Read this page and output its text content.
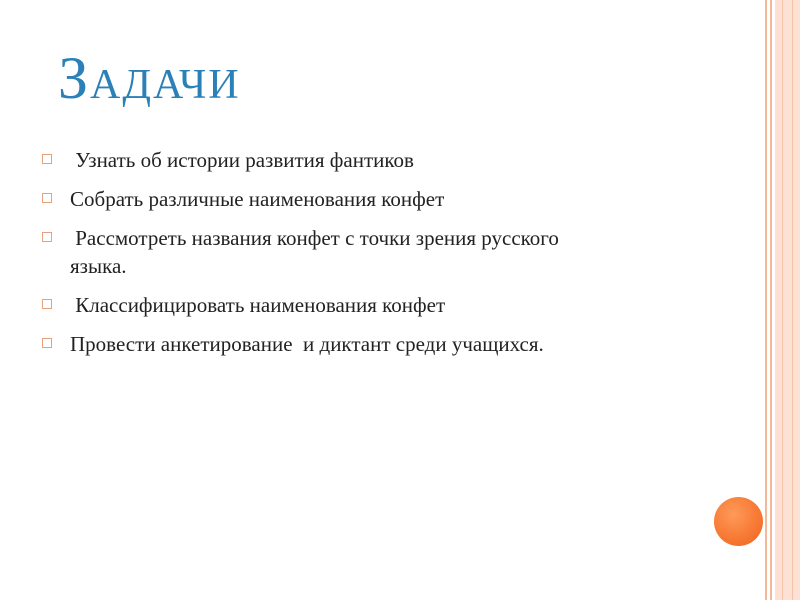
Задачи
Узнать об истории развития фантиков
Собрать различные наименования конфет
Рассмотреть названия конфет с точки зрения русского языка.
Классифицировать наименования конфет
Провести анкетирование  и диктант среди учащихся.
